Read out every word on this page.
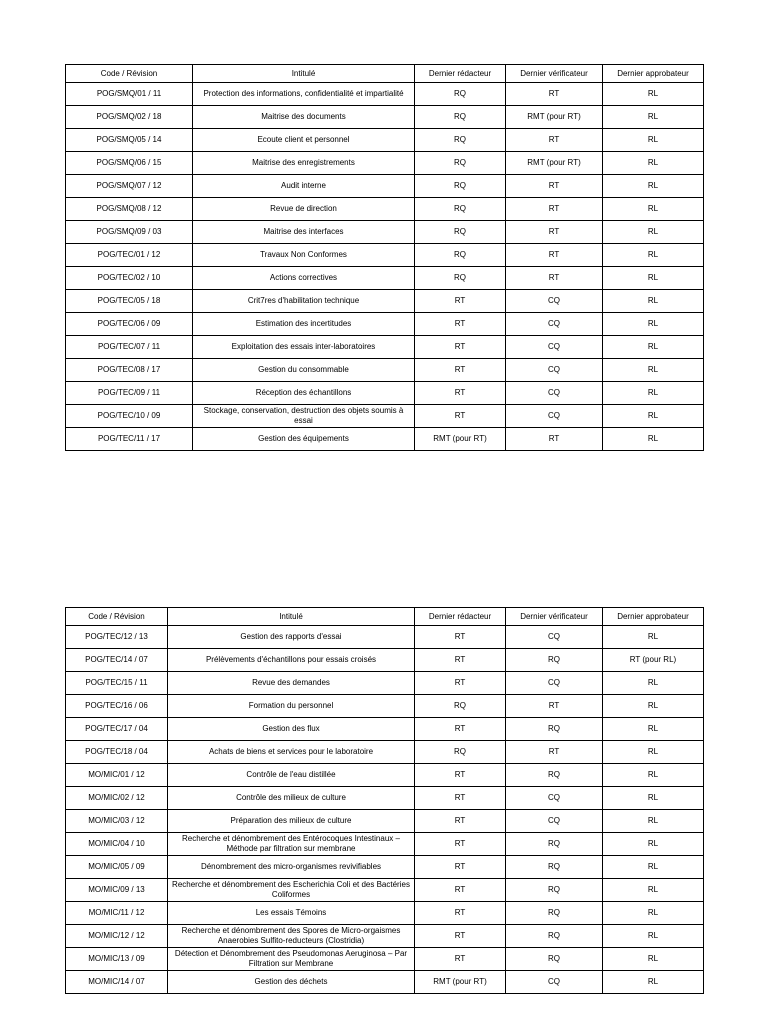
Code / Révision	Intitulé	Dernier rédacteur	Dernier vérificateur	Dernier approbateur
POG/SMQ/01 / 11	Protection des informations, confidentialité et impartialité	RQ	RT	RL
POG/SMQ/02 / 18	Maitrise des documents	RQ	RMT (pour RT)	RL
POG/SMQ/05 / 14	Ecoute client et personnel	RQ	RT	RL
POG/SMQ/06 / 15	Maitrise des enregistrements	RQ	RMT (pour RT)	RL
POG/SMQ/07 / 12	Audit interne	RQ	RT	RL
POG/SMQ/08 / 12	Revue de direction	RQ	RT	RL
POG/SMQ/09 / 03	Maitrise des interfaces	RQ	RT	RL
POG/TEC/01 / 12	Travaux Non Conformes	RQ	RT	RL
POG/TEC/02 / 10	Actions correctives	RQ	RT	RL
POG/TEC/05 / 18	Crit7res d'habilitation technique	RT	CQ	RL
POG/TEC/06 / 09	Estimation des incertitudes	RT	CQ	RL
POG/TEC/07 / 11	Exploitation des essais inter-laboratoires	RT	CQ	RL
POG/TEC/08 / 17	Gestion du consommable	RT	CQ	RL
POG/TEC/09 / 11	Réception des échantillons	RT	CQ	RL
POG/TEC/10 / 09	Stockage, conservation, destruction des objets soumis à essai	RT	CQ	RL
POG/TEC/11 / 17	Gestion des équipements	RMT (pour RT)	RT	RL
Code / Révision	Intitulé	Dernier rédacteur	Dernier vérificateur	Dernier approbateur
POG/TEC/12 / 13	Gestion des rapports d'essai	RT	CQ	RL
POG/TEC/14 / 07	Prélèvements d'échantillons pour essais croisés	RT	RQ	RT (pour RL)
POG/TEC/15 / 11	Revue des demandes	RT	CQ	RL
POG/TEC/16 / 06	Formation du personnel	RQ	RT	RL
POG/TEC/17 / 04	Gestion des flux	RT	RQ	RL
POG/TEC/18 / 04	Achats de biens et services pour le laboratoire	RQ	RT	RL
MO/MIC/01 / 12	Contrôle de l'eau distillée	RT	RQ	RL
MO/MIC/02 / 12	Contrôle des milieux de culture	RT	CQ	RL
MO/MIC/03 / 12	Préparation des milieux de culture	RT	CQ	RL
MO/MIC/04 / 10	Recherche et dénombrement des Entérocoques Intestinaux – Méthode par filtration sur membrane	RT	RQ	RL
MO/MIC/05 / 09	Dénombrement des micro-organismes revivifiables	RT	RQ	RL
MO/MIC/09 / 13	Recherche et dénombrement des Escherichia Coli et des Bactéries Coliformes	RT	RQ	RL
MO/MIC/11 / 12	Les essais Témoins	RT	RQ	RL
MO/MIC/12 / 12	Recherche et dénombrement des Spores de Micro-orgaismes Anaerobies Sulfito-reducteurs (Clostridia)	RT	RQ	RL
MO/MIC/13 / 09	Détection et Dénombrement des Pseudomonas Aeruginosa – Par Filtration sur Membrane	RT	RQ	RL
MO/MIC/14 / 07	Gestion des déchets	RMT (pour RT)	CQ	RL
